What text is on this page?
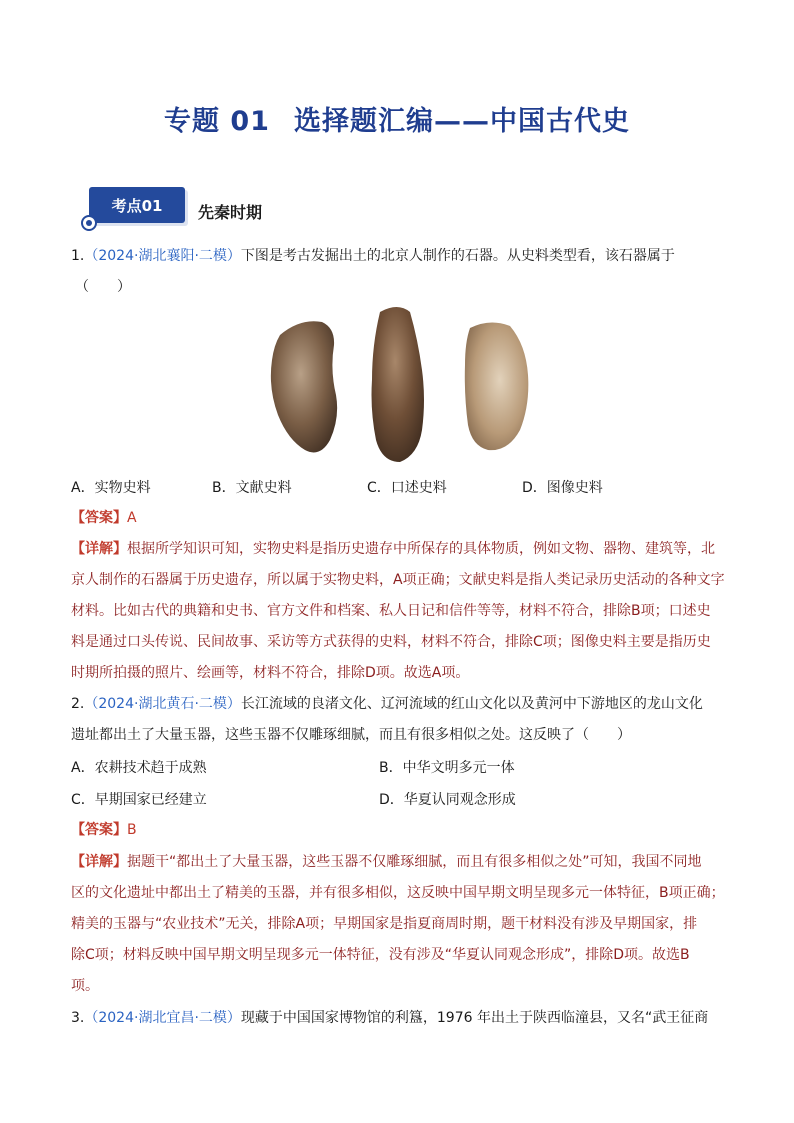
专题 01 选择题汇编——中国古代史
考点01	先秦时期
1.（2024·湖北襄阳·二模）下图是考古发掘出土的北京人制作的石器。从史料类型看，该石器属于
（　　）
A．实物史料	B．文献史料	C．口述史料	D．图像史料
【答案】A
【详解】根据所学知识可知，实物史料是指历史遗存中所保存的具体物质，例如文物、器物、建筑等，北
京人制作的石器属于历史遗存，所以属于实物史料，A项正确；文献史料是指人类记录历史活动的各种文字
材料。比如古代的典籍和史书、官方文件和档案、私人日记和信件等等，材料不符合，排除B项；口述史
料是通过口头传说、民间故事、采访等方式获得的史料，材料不符合，排除C项；图像史料主要是指历史
时期所拍摄的照片、绘画等，材料不符合，排除D项。故选A项。
2.（2024·湖北黄石·二模）长江流域的良渚文化、辽河流域的红山文化以及黄河中下游地区的龙山文化
遗址都出土了大量玉器，这些玉器不仅雕琢细腻，而且有很多相似之处。这反映了（　　）
A．农耕技术趋于成熟	B．中华文明多元一体
C．早期国家已经建立	D．华夏认同观念形成
【答案】B
【详解】据题干“都出土了大量玉器，这些玉器不仅雕琢细腻，而且有很多相似之处”可知，我国不同地
区的文化遗址中都出土了精美的玉器，并有很多相似，这反映中国早期文明呈现多元一体特征，B项正确；
精美的玉器与“农业技术”无关，排除A项；早期国家是指夏商周时期，题干材料没有涉及早期国家，排
除C项；材料反映中国早期文明呈现多元一体特征，没有涉及“华夏认同观念形成”，排除D项。故选B
项。
3.（2024·湖北宜昌·二模）现藏于中国国家博物馆的利簋，1976 年出土于陕西临潼县，又名“武王征商
